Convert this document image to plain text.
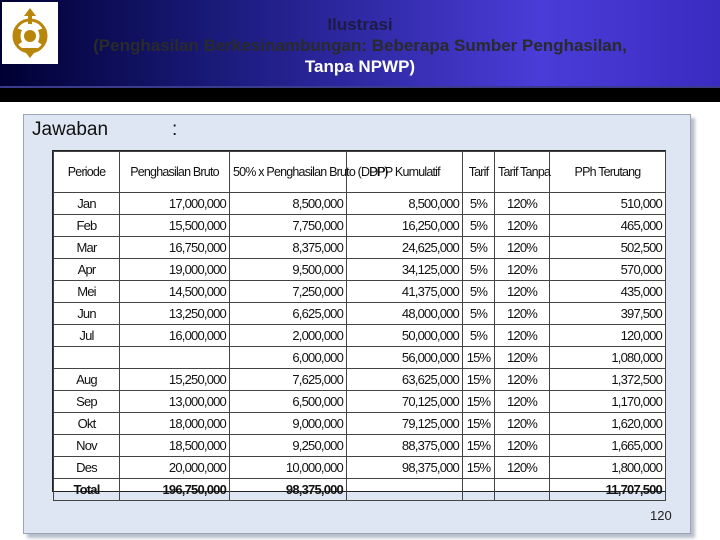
Ilustrasi
(Penghasilan Berkesinambungan: Beberapa Sumber Penghasilan,
Tanpa NPWP)
Jawaban	:
Periode	Penghasilan Bruto	50% x Penghasilan Bruto (DPP)	DPP Kumulatif	Tarif	Tarif Tanpa	PPh Terutang
Jan	17,000,000	8,500,000	8,500,000	5%	120%	510,000
Feb	15,500,000	7,750,000	16,250,000	5%	120%	465,000
Mar	16,750,000	8,375,000	24,625,000	5%	120%	502,500
Apr	19,000,000	9,500,000	34,125,000	5%	120%	570,000
Mei	14,500,000	7,250,000	41,375,000	5%	120%	435,000
Jun	13,250,000	6,625,000	48,000,000	5%	120%	397,500
Jul	16,000,000	2,000,000	50,000,000	5%	120%	120,000
		6,000,000	56,000,000	15%	120%	1,080,000
Aug	15,250,000	7,625,000	63,625,000	15%	120%	1,372,500
Sep	13,000,000	6,500,000	70,125,000	15%	120%	1,170,000
Okt	18,000,000	9,000,000	79,125,000	15%	120%	1,620,000
Nov	18,500,000	9,250,000	88,375,000	15%	120%	1,665,000
Des	20,000,000	10,000,000	98,375,000	15%	120%	1,800,000
Total	196,750,000	98,375,000				11,707,500
120
